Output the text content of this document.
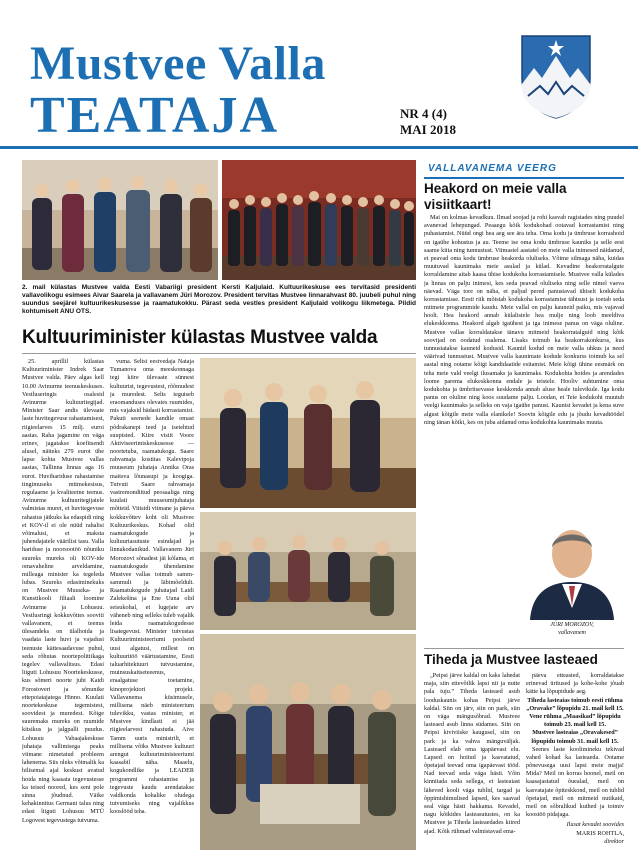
Mustvee Valla
TEATAJA	NR 4 (4)
MAI 2018
2. mail külastas Mustvee valda Eesti Vabariigi president Kersti Kaljulaid. Kultuurikeskuse ees tervitasid presidenti vallavolikogu esimees Aivar Saarela ja vallavanem Jüri Morozov. President tervitas Mustvee linnarahvast 80. juubeli puhul ning suundus seejärel kultuurikeskusesse ja raamatukokku. Pärast seda vestles president Kaljulaid volikogu liikmetega. Pildid kohtumiselt ANU OTS.
Kultuuriminister külastas Mustvee valda

25. aprillil külastas Kultuuriminister Indrek Saar Mustvee valda. Päev algas kell 10.00 Avinurme teenuskeskuses. Vestluseringis osalesid Avinurme kultuuritegijad. Minister Saar andis ülevaate laste huvitegevuse rahastamisest, riigieelarves 15 milj. euroi aastas. Raha jagamine on väga erinev, jagatakse koefitsendi alusel, näiteks 279 eurot ühe lapse kohta Mustvee vallas aastas, Tallinna linnas aga 16 eurot. Huvihariduse rahastamise tingimuseks mitmekesisus, regulaarne ja kvaliteetne teenus. Avinurme kultuuritegijatele valmistas muret, et huvitegevuse rahastus jätkuks ka edaspidi ning et KOV-il ei ole nüüd rahalisi võimalusi, et maksta juhendajatele väärilist tasu. Valla hariduse ja noorsootöö nõuniku suureks mureks oli KOV-ide omavaheline arveldamine, milleaga minister ka tegeleda lubas. Suureks edasiminekuks on Mustvee Muusika- ja Kunstikooli filiaali loomine Avinurme ja Lohusuu. Vestlusringi kokkuvõttes sooviti vallavanem, et teenus ülesandeks on ülalhoida ja vaadata laste huvi ja vajadusi teenuste kättesaadavuse puhul, seda rõhutas noortepolitiikaga tegelev vallavalitsus. Edasi liiguti Lohusuu Noortekeskusse, kus sõmeri noorte juhi Kaidi Forostoveri ja sõnunike ettepoiatajatega Hinno. Kuulati noortekeskuse tegemistest, soovidest ja muredest. Kõige suuremaks mureks on ruumide kitsikus ja jalgpalli puudus. Lohusuu Vabaajakeskuse juhataja vallimisega peaks viimane nimetatud probleem lahenema. Siis oleks võimalik ka hilisemal ajal keskust avatud hoida ning kaasata tegevustesse ka teised noored, kes seni pole sinna jõudnud. Väike kehakinnitus Germani talus ning edasi liiguti Lohusuu MTÜ Logovest tegevustega tutvuma.

vuma. Seltsi eestvedaja Nataja Tumanova oma meeskonnaga tegi kiire ülevaate sünnest kultuurist, tegevustest, rõõmudest ja muredest. Selts tegutseb eraomanduses olevates ruumides, mis vajaksid hädasti korrastamist. Pakuti seenede kandile omast põdrakanepi teed ja isetehtud suupisted. Kiire visiit Voore Aktiviseerimiskeskusesse — noortetuba, raamatukogu. Saare rahvamaja kostitas Kalevipoja muuseum juhataja Annika Oras maitsva lõunasupi ja koogiga. Tutvuti Saare rahvamaja vastremondiitud peosaaliga ning kuulati muuseumijuhataja mõtteid. Viitsidi viimane ja päeva kokkuvõttev koht oli Mustvee Kultuurikeskus. Kohad olid raamatukogude ja kultuuriasutuste esindajad ja linnakodanikud. Vallavanem Jüri Morozovi sõnadest jäi kõlama, et raamatukogude ühendamine Mustvee vallas toimub samm-sammult ja läbimõeldult. Raamatukogude juhatajad Laidi Zalekešina ja Ene Uuna olid seisukohal, et lugejate arv väheneb ning selleks tuleb vajalik leida raamatukogudesse lisategevust. Minister tutvustas Kultuuriministeeriumi poolseid uusi algatusi, millest on kultuuritöö väärtustamine, Eesti taluarhitektuuri tutvustamine, muinsuskaitseteeenus, eraalgatuse toetamine, kinoprojektori projekt. Vallavanema küsimusele, millisena näeb ministeerium tulevikku, vastas minister, et Mustvee kindlasti ei jää riigieelarvest rahastuda. Aive Tamm uuris ministrilt, et millisena võiks Mustvee kultuuri arengut kultuuriministeeriumi kaasabil näha. Maaelu, kogukondlike ja LEADER programmi rahastamise ja tegevuste kaudu arendatakse valdkonda kohalike oludega tutvumiseks ning vajalikkus kooslööd teha.

VALLAVANEMA VEERG
Heakord on meie valla visiitkaart!

Mai on kolmas kevadkuu. Ilmad soojad ja rohi kasvab ragistades ning puudel avanevad lehepungad. Peaaegu kõik kodukohad ootavad korrastamist ning puhastamist. Nüüd ongi hea aeg see ära teha. Oma kodu ja ümbruse korrashoid on igaühe kohustus ja au. Teeme ise oma kodu ümbruse kauniks ja selle eest saame kiita ning tunnustust. Viimastel aastatel on meie valla inimesed näidanud, et peavad oma kodu ümbruse heakorda oluliseks. Võime silmaga näha, kuidas muutuvad kaunimaks meie asulad ja külad. Kevadine heakorratalgute korraldamine aitab kaasa ühise kodukoha korrastamisele. Mustvee valla külades ja linnas on palju inimesi, kes seda peavad oluliseks ning selle nimel vaeva näevad. Väga tore on näha, et paljud pered panustavad ühiselt kodukoha korrastamisse. Eesti riik mõistab kodukoha korrastamise tähtsust ja toetab seda mitmete programmide kaudu. Meie vallal on palju kauneid paiku, mis vajavad hoolt. Hea heakord annab külalistele hea mulje ning loob meeldiva elukeskkonna. Heakord algab igaühest ja iga inimese panus on väga oluline. Mustvee vallas korraldatakse tänavu mitmeid heakorratalguid ning kõik soovijad on oodatud osalema. Lisaks toimub ka heakorrakonkurss, kus tunnustatakse kauneid kodusid. Kaunid kodud on meie valla uhkus ja need väärivad tunnustust. Mustvee valla kaunimate kodude konkurss toimub ka sel aastal ning ootame kõigi kandidaatide esitamist. Meie kõigi ühine eesmärk on teha meie vald veelgi ilusamaks ja kaunimaks. Kodukohta hoides ja arendades loome parema elukeskkonna endale ja teistele. Hooliv suhtumine oma kodukohta ja ümbritsevasse keskkonda annab aluse heale tulevikule. Iga kodu panus on oluline ning koos suudame palju. Loodan, et Teie kodukoht muutub veelgi kaunimaks ja selleks on vaja igaühe panust. Kaunist kevadet ja kena suve algust kõigile meie valla elanikele! Soovin kõigile edu ja jõudu kevadtöödel ning tänan kõiki, kes on juba aidanud oma kodukohta kaunimaks muuta.

JÜRI MOROZOV,
vallavanem
Tiheda ja Mustvee lasteaed

„Peipsi järve kaldal on kaks lahedat maja, siin ettevõtlik lapsi nii ja nutte pala tuju.” Tiheda lasteaed asub looduskaunis kohas Peipsi järve kaldal. Siin on järv, siin on park, siin on väga mängusõbrad. Mustvee lasteaed asub linna südames. Siin on Peipsi kiviviiske kaugusel, siin on park ja ka vahva mänguväljak. Lasteaed elab oma igapäevast elu. Lapsed on hoitud ja kasvatatud, õpetajad teevad oma igapäevast tööd. Nad teevad seda väga hästi. Võin kinnitada seda sellega, et lasteaiast läheved kooli väga tublid, targad ja õppimishimulised lapsed, kes saavad seal väga hästi hakkama. Kevadel, nagu kõikides lasteasutustes, on ka Mustvee ja Tiheda lasteaedades kiired ajad. Kõik rühmad valmistavad ema-

päeva etteasted, korraldatakse erinevad üritused ja kohe-kohe jõuab kätte ka lõpupidude aeg.

Tiheda lasteaias toimub eesti rühma „Oravake” lõpupidu 21. mail kell 15.

Vene rühma „Maasikad” lõpupidu toimub 23. mail kell 15.

Mustvee lasteaias „Oravakesed” lõpupidu toimub 31. mail kell 15.

Seenes laste koolimineku tekivad vahed kohad ka lasteaeda. Ootame põnevusega uusi lapsi meie majja! Mida? Meil on korras hoonel, meil on kaasajastatud õuealad, meil on kasvatajate õpiteskkond, meil on tublid õpetajad, meil on mitmeid nutikaid, meil on sõbralikud kuthed ja toimiv koostöö pidajaga.

Ilusat kevadet soovides

MARIS ROHTLA,

direktor
